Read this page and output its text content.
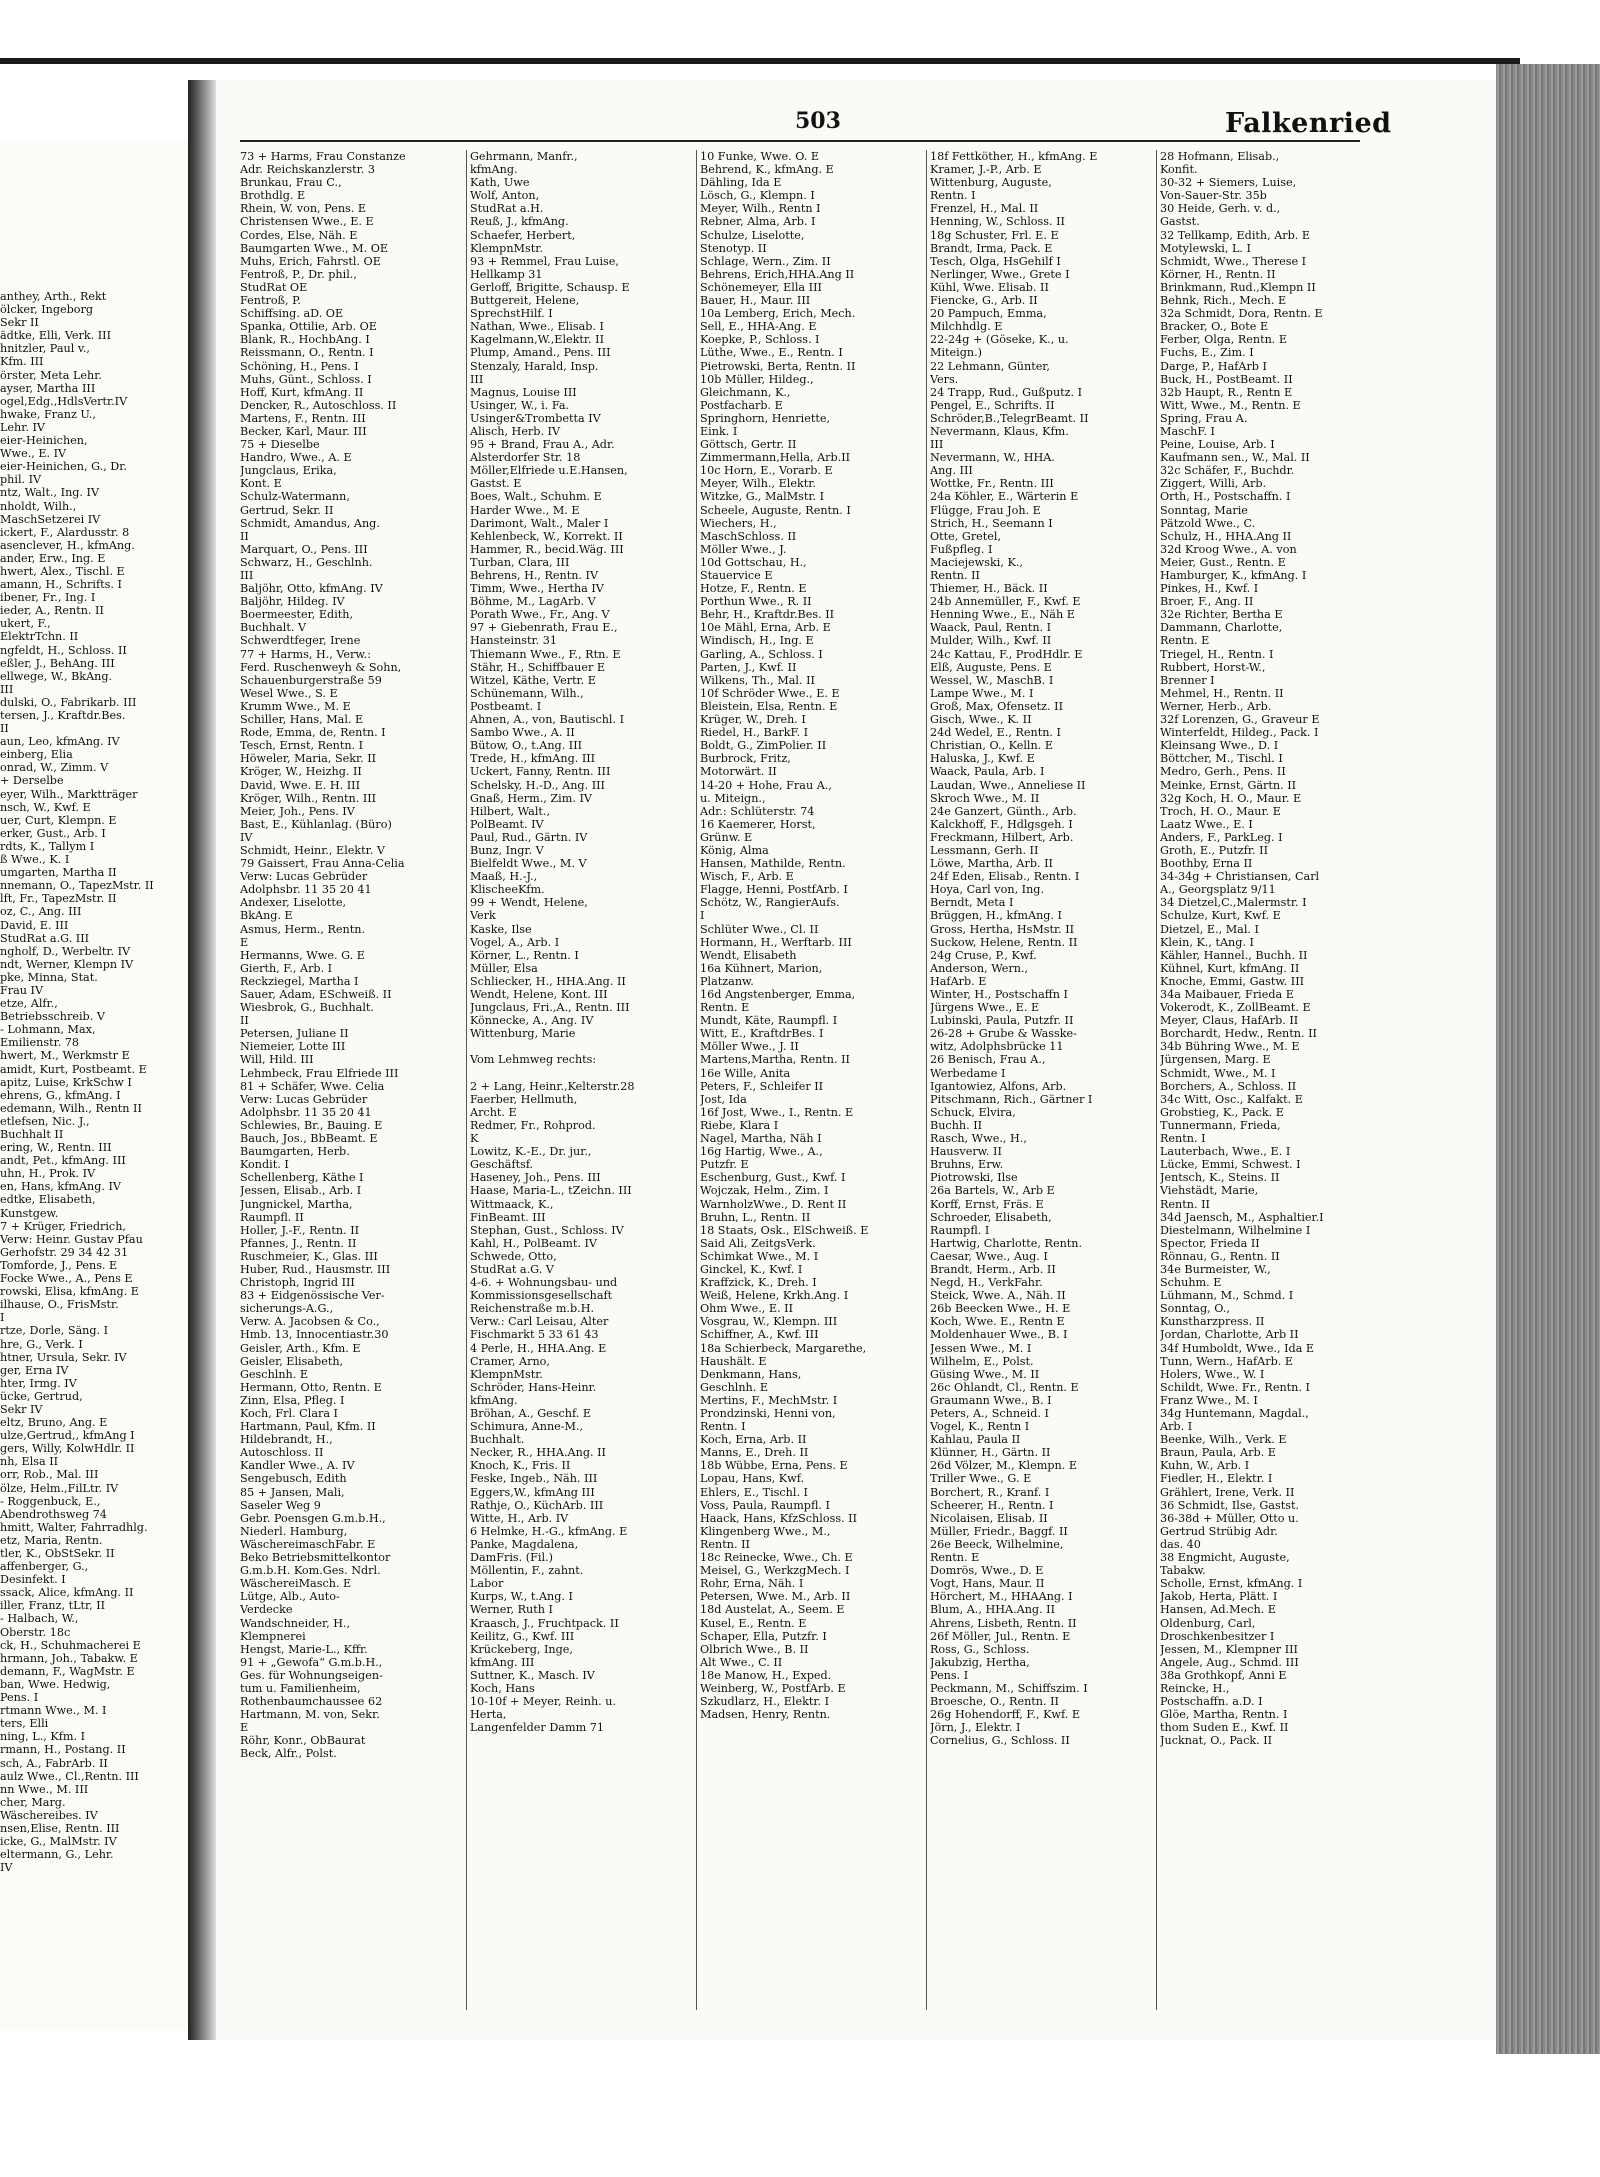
anthey, Arth., Rekt
ölcker, Ingeborg
Sekr II
ädtke, Elli, Verk. III
hnitzler, Paul v.,
Kfm. III
örster, Meta Lehr.
ayser, Martha III
ogel,Edg.,HdlsVertr.IV
hwake, Franz U.,
Lehr. IV
eier-Heinichen,
Wwe., E. IV
eier-Heinichen, G., Dr.
phil. IV
ntz, Walt., Ing. IV
nholdt, Wilh.,
MaschSetzerei IV
ickert, F., Alardusstr. 8
asenclever, H., kfmAng.
ander, Erw., Ing. E
hwert, Alex., Tischl. E
amann, H., Schrifts. I
ibener, Fr., Ing. I
ieder, A., Rentn. II
ukert, F.,
ElektrTchn. II
ngfeldt, H., Schloss. II
eßler, J., BehAng. III
ellwege, W., BkAng.
III
dulski, O., Fabrikarb. III
tersen, J., Kraftdr.Bes.
II
aun, Leo, kfmAng. IV
einberg, Elia
onrad, W., Zimm. V
+ Derselbe
eyer, Wilh., Marktträger
nsch, W., Kwf. E
uer, Curt, Klempn. E
erker, Gust., Arb. I
rdts, K., Tallym I
ß Wwe., K. I
umgarten, Martha II
nnemann, O., TapezMstr. II
lft, Fr., TapezMstr. II
oz, C., Ang. III
David, E. III
StudRat a.G. III
ngholf, D., Werbeltr. IV
ndt, Werner, Klempn IV
pke, Minna, Stat.
Frau IV
etze, Alfr.,
Betriebsschreib. V
- Lohmann, Max,
Emilienstr. 78
hwert, M., Werkmstr E
amidt, Kurt, Postbeamt. E
apitz, Luise, KrkSchw I
ehrens, G., kfmAng. I
edemann, Wilh., Rentn II
etlefsen, Nic. J.,
Buchhalt II
ering, W., Rentn. III
andt, Pet., kfmAng. III
uhn, H., Prok. IV
en, Hans, kfmAng. IV
edtke, Elisabeth,
Kunstgew.
7 + Krüger, Friedrich,
Verw: Heinr. Gustav Pfau
Gerhofstr. 29 34 42 31
Tomforde, J., Pens. E
Focke Wwe., A., Pens E
rowski, Elisa, kfmAng. E
ilhause, O., FrisMstr.
I
rtze, Dorle, Säng. I
hre, G., Verk. I
htner, Ursula, Sekr. IV
ger, Erna IV
hter, Irmg. IV
ücke, Gertrud,
Sekr IV
eltz, Bruno, Ang. E
ulze,Gertrud,, kfmAng I
gers, Willy, KolwHdlr. II
nh, Elsa II
orr, Rob., Mal. III
ölze, Helm.,FilLtr. IV
- Roggenbuck, E.,
Abendrothsweg 74
hmitt, Walter, Fahrradhlg.
etz, Maria, Rentn.
tler, K., ObStSekr. II
affenberger, G.,
Desinfekt. I
ssack, Alice, kfmAng. II
iller, Franz, tLtr, II
- Halbach, W.,
Oberstr. 18c
ck, H., Schuhmacherei E
hrmann, Joh., Tabakw. E
demann, F., WagMstr. E
ban, Wwe. Hedwig,
Pens. I
rtmann Wwe., M. I
ters, Elli
ning, L., Kfm. I
rmann, H., Postang. II
sch, A., FabrArb. II
aulz Wwe., Cl.,Rentn. III
nn Wwe., M. III
cher, Marg.
Wäschereibes. IV
nsen,Elise, Rentn. III
icke, G., MalMstr. IV
eltermann, G., Lehr.
IV
503	Falkenried
73 + Harms, Frau Constanze
Adr. Reichskanzlerstr. 3
Brunkau, Frau C.,
Brothdlg. E
Rhein, W. von, Pens. E
Christensen Wwe., E. E
Cordes, Else, Näh. E
Baumgarten Wwe., M. OE
Muhs, Erich, Fahrstl. OE
Fentroß, P., Dr. phil.,
StudRat OE
Fentroß, P.
Schiffsing. aD. OE
Spanka, Ottilie, Arb. OE
Blank, R., HochbAng. I
Reissmann, O., Rentn. I
Schöning, H., Pens. I
Muhs, Günt., Schloss. I
Hoff, Kurt, kfmAng. II
Dencker, R., Autoschloss. II
Martens, F., Rentn. III
Becker, Karl, Maur. III
75 + Dieselbe
Handro, Wwe., A. E
Jungclaus, Erika,
Kont. E
Schulz-Watermann,
Gertrud, Sekr. II
Schmidt, Amandus, Ang.
II
Marquart, O., Pens. III
Schwarz, H., Geschlnh.
III
Baljöhr, Otto, kfmAng. IV
Baljöhr, Hildeg. IV
Boermeester, Edith,
Buchhalt. V
Schwerdtfeger, Irene
77 + Harms, H., Verw.:
Ferd. Ruschenweyh & Sohn,
Schauenburgerstraße 59
Wesel Wwe., S. E
Krumm Wwe., M. E
Schiller, Hans, Mal. E
Rode, Emma, de, Rentn. I
Tesch, Ernst, Rentn. I
Höweler, Maria, Sekr. II
Kröger, W., Heizhg. II
David, Wwe. E. H. III
Kröger, Wilh., Rentn. III
Meier, Joh., Pens. IV
Bast, E., Kühlanlag. (Büro)
IV
Schmidt, Heinr., Elektr. V
79 Gaissert, Frau Anna-Celia
Verw: Lucas Gebrüder
Adolphsbr. 11 35 20 41
Andexer, Liselotte,
BkAng. E
Asmus, Herm., Rentn.
E
Hermanns, Wwe. G. E
Gierth, F., Arb. I
Reckziegel, Martha I
Sauer, Adam, ESchweiß. II
Wiesbrok, G., Buchhalt.
II
Petersen, Juliane II
Niemeier, Lotte III
Will, Hild. III
Lehmbeck, Frau Elfriede III
81 + Schäfer, Wwe. Celia
Verw: Lucas Gebrüder
Adolphsbr. 11 35 20 41
Schlewies, Br., Bauing. E
Bauch, Jos., BbBeamt. E
Baumgarten, Herb.
Kondit. I
Schellenberg, Käthe I
Jessen, Elisab., Arb. I
Jungnickel, Martha,
Raumpfl. II
Holler, J.-F., Rentn. II
Pfannes, J., Rentn. II
Ruschmeier, K., Glas. III
Huber, Rud., Hausmstr. III
Christoph, Ingrid III
83 + Eidgenössische Ver-
sicherungs-A.G.,
Verw. A. Jacobsen & Co.,
Hmb. 13, Innocentiastr.30
Geisler, Arth., Kfm. E
Geisler, Elisabeth,
Geschlnh. E
Hermann, Otto, Rentn. E
Zinn, Elsa, Pfleg. I
Koch, Frl. Clara I
Hartmann, Paul, Kfm. II
Hildebrandt, H.,
Autoschloss. II
Kandler Wwe., A. IV
Sengebusch, Edith
85 + Jansen, Mali,
Saseler Weg 9
Gebr. Poensgen G.m.b.H.,
Niederl. Hamburg,
WäschereimaschFabr. E
Beko Betriebsmittelkontor
G.m.b.H. Kom.Ges. Ndrl.
WäschereiMasch. E
Lütge, Alb., Auto-
Verdecke
Wandschneider, H.,
Klempnerei
Hengst, Marie-L., Kffr.
91 + „Gewofa“ G.m.b.H.,
Ges. für Wohnungseigen-
tum u. Familienheim,
Rothenbaumchaussee 62
Hartmann, M. von, Sekr.
E
Röhr, Konr., ObBaurat
Beck, Alfr., Polst.
Gehrmann, Manfr.,
kfmAng.
Kath, Uwe
Wolf, Anton,
StudRat a.H.
Reuß, J., kfmAng.
Schaefer, Herbert,
KlempnMstr.
93 + Remmel, Frau Luise,
Hellkamp 31
Gerloff, Brigitte, Schausp. E
Buttgereit, Helene,
SprechstHilf. I
Nathan, Wwe., Elisab. I
Kagelmann,W.,Elektr. II
Plump, Amand., Pens. III
Stenzaly, Harald, Insp.
III
Magnus, Louise III
Usinger, W., i. Fa.
Usinger&Trombetta IV
Alisch, Herb. IV
95 + Brand, Frau A., Adr.
Alsterdorfer Str. 18
Möller,Elfriede u.E.Hansen,
Gastst. E
Boes, Walt., Schuhm. E
Harder Wwe., M. E
Darimont, Walt., Maler I
Kehlenbeck, W., Korrekt. II
Hammer, R., becid.Wäg. III
Turban, Clara, III
Behrens, H., Rentn. IV
Timm, Wwe., Hertha IV
Böhme, M., LagArb. V
Porath Wwe., Fr., Ang. V
97 + Giebenrath, Frau E.,
Hansteinstr. 31
Thiemann Wwe., F., Rtn. E
Stähr, H., Schiffbauer E
Witzel, Käthe, Vertr. E
Schünemann, Wilh.,
Postbeamt. I
Ahnen, A., von, Bautischl. I
Sambo Wwe., A. II
Bütow, O., t.Ang. III
Trede, H., kfmAng. III
Uckert, Fanny, Rentn. III
Schelsky, H.-D., Ang. III
Gnaß, Herm., Zim. IV
Hilbert, Walt.,
PolBeamt. IV
Paul, Rud., Gärtn. IV
Bunz, Ingr. V
Bielfeldt Wwe., M. V
Maaß, H.-J.,
KlischeeKfm.
99 + Wendt, Helene,
Verk
Kaske, Ilse
Vogel, A., Arb. I
Körner, L., Rentn. I
Müller, Elsa
Schliecker, H., HHA.Ang. II
Wendt, Helene, Kont. III
Jungclaus, Fri.,A., Rentn. III
Könnecke, A., Ang. IV
Wittenburg, Marie
Vom Lehmweg rechts:
2 + Lang, Heinr.,Kelterstr.28
Faerber, Hellmuth,
Archt. E
Redmer, Fr., Rohprod.
K
Lowitz, K.-E., Dr. jur.,
Geschäftsf.
Haseney, Joh., Pens. III
Haase, Maria-L., tZeichn. III
Wittmaack, K.,
FinBeamt. III
Stephan, Gust., Schloss. IV
Kahl, H., PolBeamt. IV
Schwede, Otto,
StudRat a.G. V
4-6. + Wohnungsbau- und
Kommissionsgesellschaft
Reichenstraße m.b.H.
Verw.: Carl Leisau, Alter
Fischmarkt 5 33 61 43
4 Perle, H., HHA.Ang. E
Cramer, Arno,
KlempnMstr.
Schröder, Hans-Heinr.
kfmAng.
Bröhan, A., Geschf. E
Schimura, Anne-M.,
Buchhalt.
Necker, R., HHA.Ang. II
Knoch, K., Fris. II
Feske, Ingeb., Näh. III
Eggers,W., kfmAng III
Rathje, O., KüchArb. III
Witte, H., Arb. IV
6 Helmke, H.-G., kfmAng. E
Panke, Magdalena,
DamFris. (Fil.)
Möllentin, F., zahnt.
Labor
Kurps, W., t.Ang. I
Werner, Ruth I
Kraasch, J., Fruchtpack. II
Keilitz, G., Kwf. III
Krückeberg, Inge,
kfmAng. III
Suttner, K., Masch. IV
Koch, Hans
10-10f + Meyer, Reinh. u.
Herta,
Langenfelder Damm 71
10 Funke, Wwe. O. E
Behrend, K., kfmAng. E
Dähling, Ida E
Lösch, G., Klempn. I
Meyer, Wilh., Rentn I
Rebner, Alma, Arb. I
Schulze, Liselotte,
Stenotyp. II
Schlage, Wern., Zim. II
Behrens, Erich,HHA.Ang II
Schönemeyer, Ella III
Bauer, H., Maur. III
10a Lemberg, Erich, Mech.
Sell, E., HHA-Ang. E
Koepke, P., Schloss. I
Lüthe, Wwe., E., Rentn. I
Pietrowski, Berta, Rentn. II
10b Müller, Hildeg.,
Gleichmann, K.,
Postfacharb. E
Springhorn, Henriette,
Eink. I
Göttsch, Gertr. II
Zimmermann,Hella, Arb.II
10c Horn, E., Vorarb. E
Meyer, Wilh., Elektr.
Witzke, G., MalMstr. I
Scheele, Auguste, Rentn. I
Wiechers, H.,
MaschSchloss. II
Möller Wwe., J.
10d Gottschau, H.,
Stauervice E
Hotze, F., Rentn. E
Porthun Wwe., R. II
Behr, H., Kraftdr.Bes. II
10e Mähl, Erna, Arb. E
Windisch, H., Ing. E
Garling, A., Schloss. I
Parten, J., Kwf. II
Wilkens, Th., Mal. II
10f Schröder Wwe., E. E
Bleistein, Elsa, Rentn. E
Krüger, W., Dreh. I
Riedel, H., BarkF. I
Boldt, G., ZimPolier. II
Burbrock, Fritz,
Motorwärt. II
14-20 + Hohe, Frau A.,
u. Miteign.,
Adr.: Schlüterstr. 74
16 Kaemerer, Horst,
Grünw. E
König, Alma
Hansen, Mathilde, Rentn.
Wisch, F., Arb. E
Flagge, Henni, PostfArb. I
Schötz, W., RangierAufs.
I
Schlüter Wwe., Cl. II
Hormann, H., Werftarb. III
Wendt, Elisabeth
16a Kühnert, Marion,
Platzanw.
16d Angstenberger, Emma,
Rentn. E
Mundt, Käte, Raumpfl. I
Witt, E., KraftdrBes. I
Möller Wwe., J. II
Martens,Martha, Rentn. II
16e Wille, Anita
Peters, F., Schleifer II
Jost, Ida
16f Jost, Wwe., I., Rentn. E
Riebe, Klara I
Nagel, Martha, Näh I
16g Hartig, Wwe., A.,
Putzfr. E
Eschenburg, Gust., Kwf. I
Wojczak, Helm., Zim. I
WarnholzWwe., D. Rent II
Bruhn, L., Rentn. II
18 Staats, Osk., ElSchweiß. E
Said Ali, ZeitgsVerk.
Schimkat Wwe., M. I
Ginckel, K., Kwf. I
Kraffzick, K., Dreh. I
Weiß, Helene, Krkh.Ang. I
Ohm Wwe., E. II
Vosgrau, W., Klempn. III
Schiffner, A., Kwf. III
18a Schierbeck, Margarethe,
Haushält. E
Denkmann, Hans,
Geschlnh. E
Mertins, F., MechMstr. I
Prondzinski, Henni von,
Rentn. I
Koch, Erna, Arb. II
Manns, E., Dreh. II
18b Wübbe, Erna, Pens. E
Lopau, Hans, Kwf.
Ehlers, E., Tischl. I
Voss, Paula, Raumpfl. I
Haack, Hans, KfzSchloss. II
Klingenberg Wwe., M.,
Rentn. II
18c Reinecke, Wwe., Ch. E
Meisel, G., WerkzgMech. I
Rohr, Erna, Näh. I
Petersen, Wwe. M., Arb. II
18d Austelat, A., Seem. E
Kusel, E., Rentn. E
Schaper, Ella, Putzfr. I
Olbrich Wwe., B. II
Alt Wwe., C. II
18e Manow, H., Exped.
Weinberg, W., PostfArb. E
Szkudlarz, H., Elektr. I
Madsen, Henry, Rentn.
18f Fettköther, H., kfmAng. E
Kramer, J.-P., Arb. E
Wittenburg, Auguste,
Rentn. I
Frenzel, H., Mal. II
Henning, W., Schloss. II
18g Schuster, Frl. E. E
Brandt, Irma, Pack. E
Tesch, Olga, HsGehilf I
Nerlinger, Wwe., Grete I
Kühl, Wwe. Elisab. II
Fiencke, G., Arb. II
20 Pampuch, Emma,
Milchhdlg. E
22-24g + (Göseke, K., u.
Miteign.)
22 Lehmann, Günter,
Vers.
24 Trapp, Rud., Gußputz. I
Pengel, E., Schrifts. II
Schröder,B.,TelegrBeamt. II
Nevermann, Klaus, Kfm.
III
Nevermann, W., HHA.
Ang. III
Wottke, Fr., Rentn. III
24a Köhler, E., Wärterin E
Flügge, Frau Joh. E
Strich, H., Seemann I
Otte, Gretel,
Fußpfleg. I
Maciejewski, K.,
Rentn. II
Thiemer, H., Bäck. II
24b Annemüller, F., Kwf. E
Henning Wwe., E., Näh E
Waack, Paul, Rentn. I
Mulder, Wilh., Kwf. II
24c Kattau, F., ProdHdlr. E
Elß, Auguste, Pens. E
Wessel, W., MaschB. I
Lampe Wwe., M. I
Groß, Max, Ofensetz. II
Gisch, Wwe., K. II
24d Wedel, E., Rentn. I
Christian, O., Kelln. E
Haluska, J., Kwf. E
Waack, Paula, Arb. I
Laudan, Wwe., Anneliese II
Skroch Wwe., M. II
24e Ganzert, Günth., Arb.
Kalckhoff, F., Hdlgsgeh. I
Freckmann, Hilbert, Arb.
Lessmann, Gerh. II
Löwe, Martha, Arb. II
24f Eden, Elisab., Rentn. I
Hoya, Carl von, Ing.
Berndt, Meta I
Brüggen, H., kfmAng. I
Gross, Hertha, HsMstr. II
Suckow, Helene, Rentn. II
24g Cruse, P., Kwf.
Anderson, Wern.,
HafArb. E
Winter, H., Postschaffn I
Jürgens Wwe., E. E
Lubinski, Paula, Putzfr. II
26-28 + Grube & Wasske-
witz, Adolphsbrücke 11
26 Benisch, Frau A.,
Werbedame I
Igantowiez, Alfons, Arb.
Pitschmann, Rich., Gärtner I
Schuck, Elvira,
Buchh. II
Rasch, Wwe., H.,
Hausverw. II
Bruhns, Erw.
Piotrowski, Ilse
26a Bartels, W., Arb E
Korff, Ernst, Fräs. E
Schroeder, Elisabeth,
Raumpfl. I
Hartwig, Charlotte, Rentn.
Caesar, Wwe., Aug. I
Brandt, Herm., Arb. II
Negd, H., VerkFahr.
Steick, Wwe. A., Näh. II
26b Beecken Wwe., H. E
Koch, Wwe. E., Rentn E
Moldenhauer Wwe., B. I
Jessen Wwe., M. I
Wilhelm, E., Polst.
Güsing Wwe., M. II
26c Ohlandt, Cl., Rentn. E
Graumann Wwe., B. I
Peters, A., Schneid. I
Vogel, K., Rentn I
Kahlau, Paula II
Klünner, H., Gärtn. II
26d Völzer, M., Klempn. E
Triller Wwe., G. E
Borchert, R., Kranf. I
Scheerer, H., Rentn. I
Nicolaisen, Elisab. II
Müller, Friedr., Baggf. II
26e Beeck, Wilhelmine,
Rentn. E
Domrös, Wwe., D. E
Vogt, Hans, Maur. II
Hörchert, M., HHAAng. I
Blum, A., HHA.Ang. II
Ahrens, Lisbeth, Rentn. II
26f Möller, Jul., Rentn. E
Ross, G., Schloss.
Jakubzig, Hertha,
Pens. I
Peckmann, M., Schiffszim. I
Broesche, O., Rentn. II
26g Hohendorff, F., Kwf. E
Jörn, J., Elektr. I
Cornelius, G., Schloss. II
28 Hofmann, Elisab.,
Konfit.
30-32 + Siemers, Luise,
Von-Sauer-Str. 35b
30 Heide, Gerh. v. d.,
Gastst.
32 Tellkamp, Edith, Arb. E
Motylewski, L. I
Schmidt, Wwe., Therese I
Körner, H., Rentn. II
Brinkmann, Rud.,Klempn II
Behnk, Rich., Mech. E
32a Schmidt, Dora, Rentn. E
Bracker, O., Bote E
Ferber, Olga, Rentn. E
Fuchs, E., Zim. I
Darge, P., HafArb I
Buck, H., PostBeamt. II
32b Haupt, R., Rentn E
Witt, Wwe., M., Rentn. E
Spring, Frau A.
MaschF. I
Peine, Louise, Arb. I
Kaufmann sen., W., Mal. II
32c Schäfer, F., Buchdr.
Ziggert, Willi, Arb.
Orth, H., Postschaffn. I
Sonntag, Marie
Pätzold Wwe., C.
Schulz, H., HHA.Ang II
32d Kroog Wwe., A. von
Meier, Gust., Rentn. E
Hamburger, K., kfmAng. I
Pinkes, H., Kwf. I
Broer, F., Ang. II
32e Richter, Bertha E
Dammann, Charlotte,
Rentn. E
Triegel, H., Rentn. I
Rubbert, Horst-W.,
Brenner I
Mehmel, H., Rentn. II
Werner, Herb., Arb.
32f Lorenzen, G., Graveur E
Winterfeldt, Hildeg., Pack. I
Kleinsang Wwe., D. I
Böttcher, M., Tischl. I
Medro, Gerh., Pens. II
Meinke, Ernst, Gärtn. II
32g Koch, H. O., Maur. E
Troch, H. O., Maur. E
Laatz Wwe., E. I
Anders, F., ParkLeg. I
Groth, E., Putzfr. II
Boothby, Erna II
34-34g + Christiansen, Carl
A., Georgsplatz 9/11
34 Dietzel,C.,Malermstr. I
Schulze, Kurt, Kwf. E
Dietzel, E., Mal. I
Klein, K., tAng. I
Kähler, Hannel., Buchh. II
Kühnel, Kurt, kfmAng. II
Knoche, Emmi, Gastw. III
34a Maibauer, Frieda E
Vokerodt, K., ZollBeamt. E
Meyer, Claus, HafArb. II
Borchardt, Hedw., Rentn. II
34b Bühring Wwe., M. E
Jürgensen, Marg. E
Schmidt, Wwe., M. I
Borchers, A., Schloss. II
34c Witt, Osc., Kalfakt. E
Grobstieg, K., Pack. E
Tunnermann, Frieda,
Rentn. I
Lauterbach, Wwe., E. I
Lücke, Emmi, Schwest. I
Jentsch, K., Steins. II
Viehstädt, Marie,
Rentn. II
34d Jaensch, M., Asphaltier.I
Diestelmann, Wilhelmine I
Spector, Frieda II
Rönnau, G., Rentn. II
34e Burmeister, W.,
Schuhm. E
Lühmann, M., Schmd. I
Sonntag, O.,
Kunstharzpress. II
Jordan, Charlotte, Arb II
34f Humboldt, Wwe., Ida E
Tunn, Wern., HafArb. E
Holers, Wwe., W. I
Schildt, Wwe. Fr., Rentn. I
Franz Wwe., M. I
34g Huntemann, Magdal.,
Arb. I
Beenke, Wilh., Verk. E
Braun, Paula, Arb. E
Kuhn, W., Arb. I
Fiedler, H., Elektr. I
Grählert, Irene, Verk. II
36 Schmidt, Ilse, Gastst.
36-38d + Müller, Otto u.
Gertrud Strübig Adr.
das. 40
38 Engmicht, Auguste,
Tabakw.
Scholle, Ernst, kfmAng. I
Jakob, Herta, Plätt. I
Hansen, Ad.Mech. E
Oldenburg, Carl,
Droschkenbesitzer I
Jessen, M., Klempner III
Angele, Aug., Schmd. III
38a Grothkopf, Anni E
Reincke, H.,
Postschaffn. a.D. I
Glöe, Martha, Rentn. I
thom Suden E., Kwf. II
Jucknat, O., Pack. II
